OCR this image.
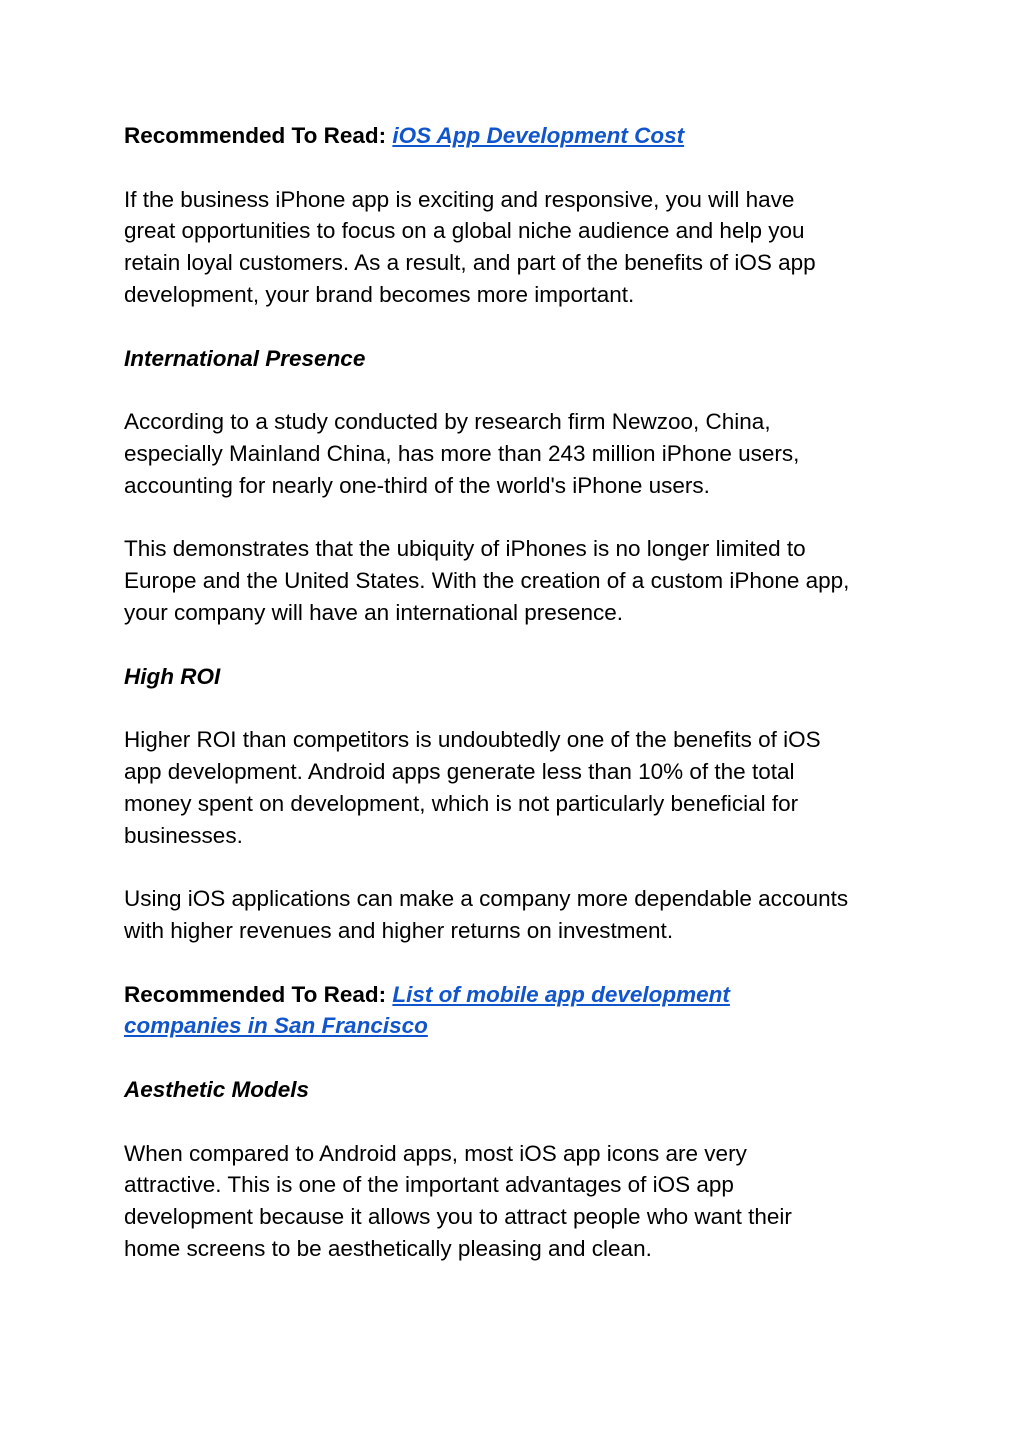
Recommended To Read: iOS App Development Cost

If the business iPhone app is exciting and responsive, you will have
great opportunities to focus on a global niche audience and help you
retain loyal customers. As a result, and part of the benefits of iOS app
development, your brand becomes more important.

International Presence

According to a study conducted by research firm Newzoo, China,
especially Mainland China, has more than 243 million iPhone users,
accounting for nearly one-third of the world's iPhone users.

This demonstrates that the ubiquity of iPhones is no longer limited to
Europe and the United States. With the creation of a custom iPhone app,
your company will have an international presence.

High ROI

Higher ROI than competitors is undoubtedly one of the benefits of iOS
app development. Android apps generate less than 10% of the total
money spent on development, which is not particularly beneficial for
businesses.

Using iOS applications can make a company more dependable accounts
with higher revenues and higher returns on investment.

Recommended To Read: List of mobile app development
companies in San Francisco

Aesthetic Models

When compared to Android apps, most iOS app icons are very
attractive. This is one of the important advantages of iOS app
development because it allows you to attract people who want their
home screens to be aesthetically pleasing and clean.
